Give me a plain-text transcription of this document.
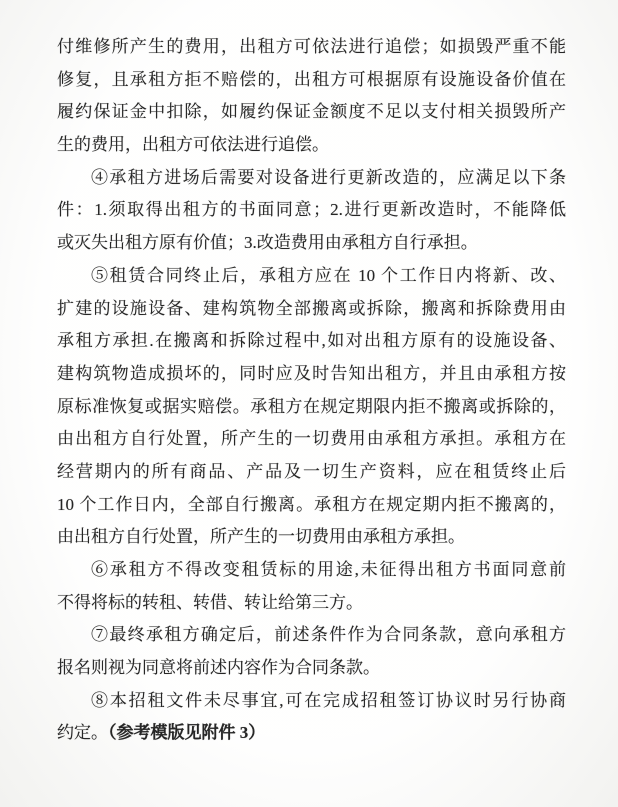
付维修所产生的费用，出租方可依法进行追偿；如损毁严重不能
修复，且承租方拒不赔偿的，出租方可根据原有设施设备价值在
履约保证金中扣除，如履约保证金额度不足以支付相关损毁所产
生的费用，出租方可依法进行追偿。
④承租方进场后需要对设备进行更新改造的，应满足以下条
件：1.须取得出租方的书面同意；2.进行更新改造时，不能降低
或灭失出租方原有价值；3.改造费用由承租方自行承担。
⑤租赁合同终止后，承租方应在 10 个工作日内将新、改、
扩建的设施设备、建构筑物全部搬离或拆除，搬离和拆除费用由
承租方承担.在搬离和拆除过程中,如对出租方原有的设施设备、
建构筑物造成损坏的，同时应及时告知出租方，并且由承租方按
原标准恢复或据实赔偿。承租方在规定期限内拒不搬离或拆除的，
由出租方自行处置，所产生的一切费用由承租方承担。承租方在
经营期内的所有商品、产品及一切生产资料，应在租赁终止后
10 个工作日内，全部自行搬离。承租方在规定期内拒不搬离的，
由出租方自行处置，所产生的一切费用由承租方承担。
⑥承租方不得改变租赁标的用途,未征得出租方书面同意前
不得将标的转租、转借、转让给第三方。
⑦最终承租方确定后，前述条件作为合同条款，意向承租方
报名则视为同意将前述内容作为合同条款。
⑧本招租文件未尽事宜,可在完成招租签订协议时另行协商
约定。（参考模版见附件 3）
